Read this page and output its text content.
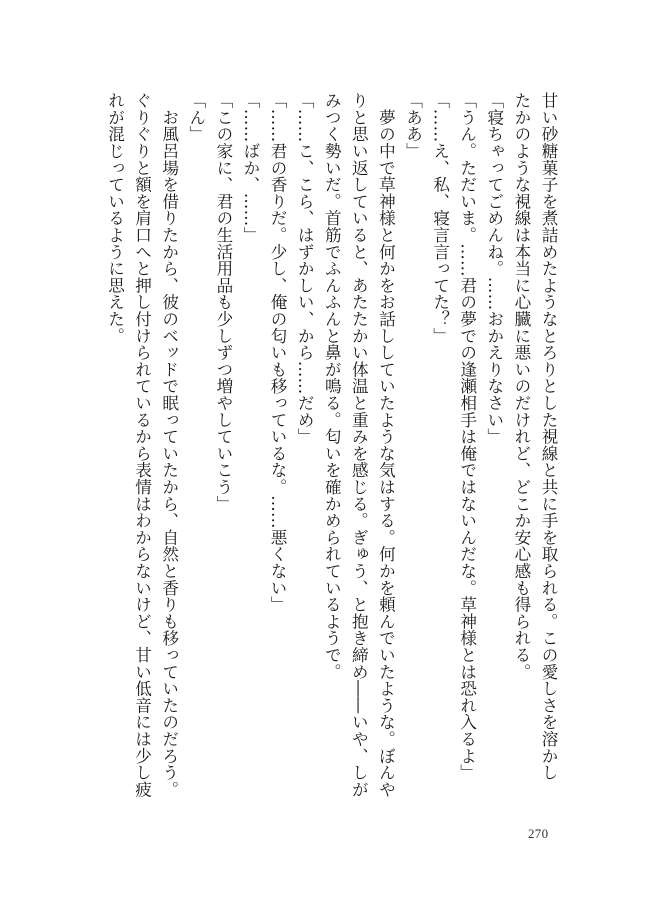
甘い砂糖菓子を煮詰めたようなとろりとした視線と共に手を取られる。この愛しさを溶かし
たかのような視線は本当に心臓に悪いのだけれど、どこか安心感も得られる。
「寝ちゃってごめんね。……おかえりなさい」
「うん。ただいま。……君の夢での逢瀬相手は俺ではないんだな。草神様とは恐れ入るよ」
「……え、私、寝言言ってた？」
「ああ」
　夢の中で草神様と何かをお話ししていたような気はする。何かを頼んでいたような。ぼんや
りと思い返していると、あたたかい体温と重みを感じる。ぎゅう、と抱き締め――いや、しが
みつく勢いだ。首筋でふんふんと鼻が鳴る。匂いを確かめられているようで。
「……こ、こら、はずかしい、から……だめ」
「……君の香りだ。少し、俺の匂いも移っているな。……悪くない」
「……ばか、……」
「この家に、君の生活用品も少しずつ増やしていこう」
「ん」
　お風呂場を借りたから、彼のベッドで眠っていたから、自然と香りも移っていたのだろう。
ぐりぐりと額を肩口へと押し付けられているから表情はわからないけど、甘い低音には少し疲
れが混じっているように思えた。
270
